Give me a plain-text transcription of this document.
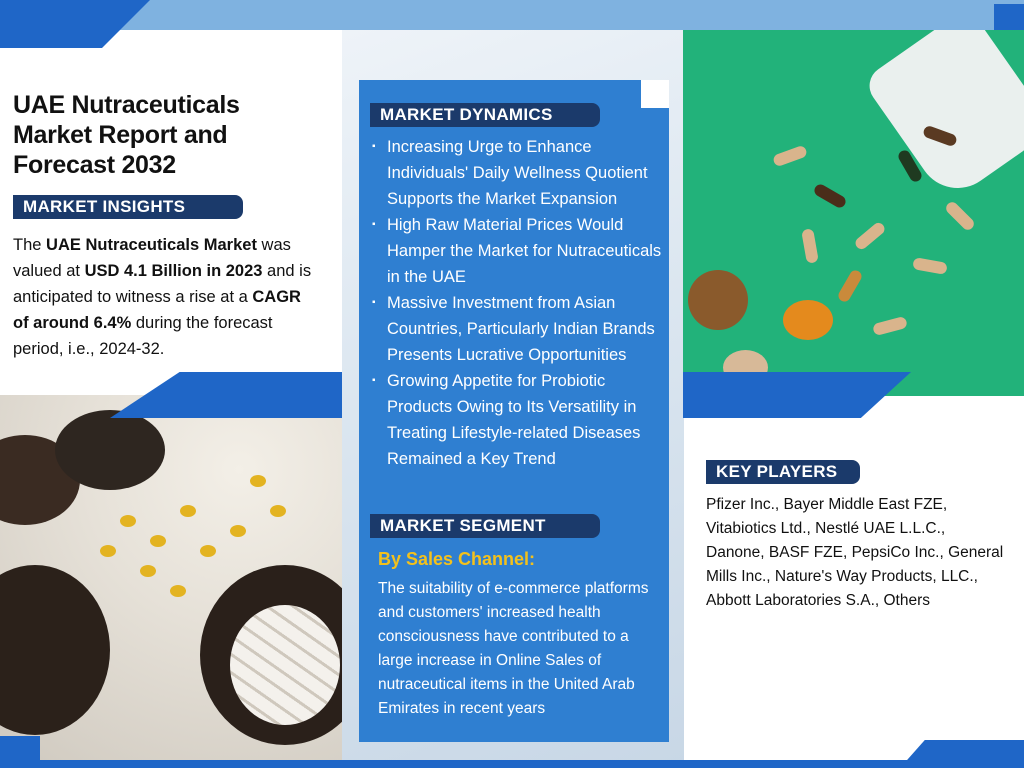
UAE Nutraceuticals Market Report and Forecast 2032
MARKET INSIGHTS

The UAE Nutraceuticals Market was valued at USD 4.1 Billion in 2023 and is anticipated to witness a rise at a CAGR of around 6.4% during the forecast period, i.e., 2024-32.

MARKET DYNAMICS
▪ Increasing Urge to Enhance Individuals' Daily Wellness Quotient Supports the Market Expansion
▪ High Raw Material Prices Would Hamper the Market for Nutraceuticals in the UAE
▪ Massive Investment from Asian Countries, Particularly Indian Brands Presents Lucrative Opportunities
▪ Growing Appetite for Probiotic Products Owing to Its Versatility in Treating Lifestyle-related Diseases Remained a Key Trend
MARKET SEGMENT
By Sales Channel:

The suitability of e-commerce platforms and customers' increased health consciousness have contributed to a large increase in Online Sales of nutraceutical items in the United Arab Emirates in recent years

KEY PLAYERS

Pfizer Inc., Bayer Middle East FZE, Vitabiotics Ltd., Nestlé UAE L.L.C., Danone, BASF FZE, PepsiCo Inc., General Mills Inc., Nature's Way Products, LLC., Abbott Laboratories S.A., Others
